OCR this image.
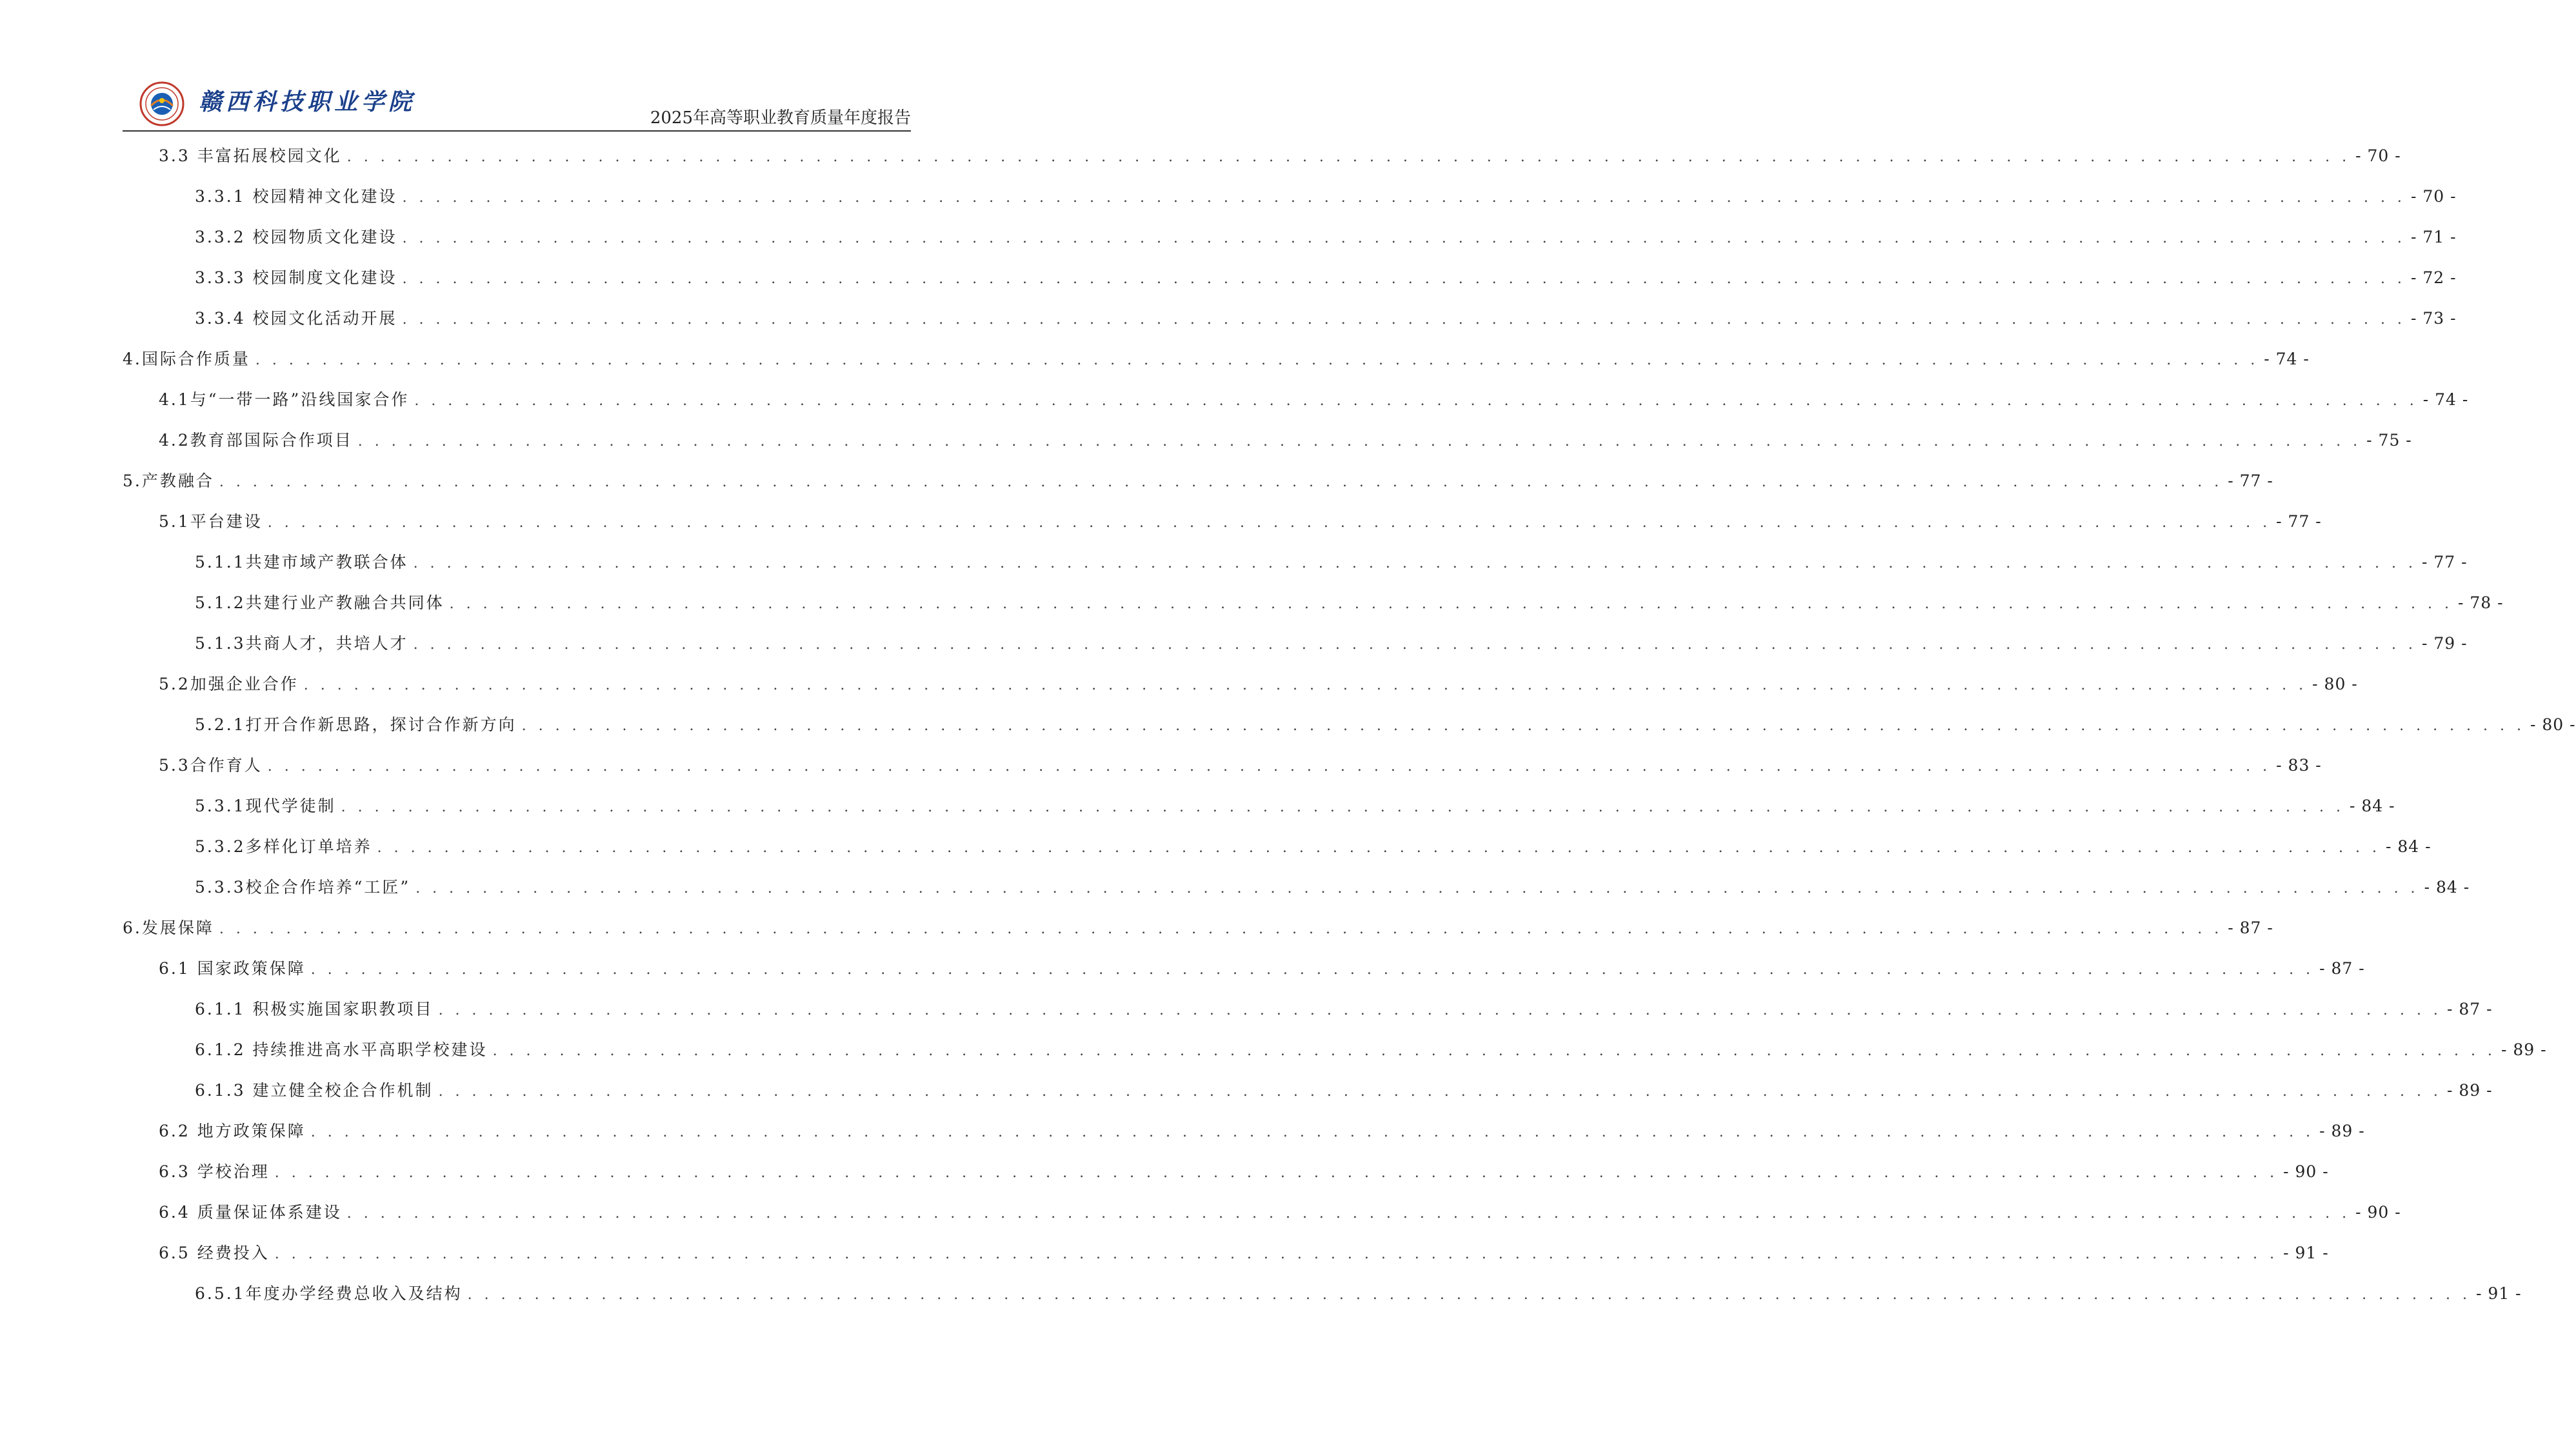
赣西科技职业学院
2025年高等职业教育质量年度报告
3.3 丰富拓展校园文化 . . . . . . . . . . . . . . . . . . . . . . . . . . . . . . . . . . . . . . . . . . . . . . . . . . . . . . . . . . . . . . . . . . . . . . . . . . . . . . . . . . . . . . . . . . . . . . . . . . . . . . . . . . . . . . . . . . . . . . . . - 70 -
3.3.1 校园精神文化建设 . . . . . . . . . . . . . . . . . . . . . . . . . . . . . . . . . . . . . . . . . . . . . . . . . . . . . . . . . . . . . . . . . . . . . . . . . . . . . . . . . . . . . . . . . . . . . . . . . . . . . . . . . . . . . . . . . . . . . . . . - 70 -
3.3.2 校园物质文化建设 . . . . . . . . . . . . . . . . . . . . . . . . . . . . . . . . . . . . . . . . . . . . . . . . . . . . . . . . . . . . . . . . . . . . . . . . . . . . . . . . . . . . . . . . . . . . . . . . . . . . . . . . . . . . . . . . . . . . . . . . - 71 -
3.3.3 校园制度文化建设 . . . . . . . . . . . . . . . . . . . . . . . . . . . . . . . . . . . . . . . . . . . . . . . . . . . . . . . . . . . . . . . . . . . . . . . . . . . . . . . . . . . . . . . . . . . . . . . . . . . . . . . . . . . . . . . . . . . . . . . . - 72 -
3.3.4 校园文化活动开展 . . . . . . . . . . . . . . . . . . . . . . . . . . . . . . . . . . . . . . . . . . . . . . . . . . . . . . . . . . . . . . . . . . . . . . . . . . . . . . . . . . . . . . . . . . . . . . . . . . . . . . . . . . . . . . . . . . . . . . . . - 73 -
4.国际合作质量 . . . . . . . . . . . . . . . . . . . . . . . . . . . . . . . . . . . . . . . . . . . . . . . . . . . . . . . . . . . . . . . . . . . . . . . . . . . . . . . . . . . . . . . . . . . . . . . . . . . . . . . . . . . . . . . . . . . . . . . . - 74 -
4.1与“一带一路”沿线国家合作 . . . . . . . . . . . . . . . . . . . . . . . . . . . . . . . . . . . . . . . . . . . . . . . . . . . . . . . . . . . . . . . . . . . . . . . . . . . . . . . . . . . . . . . . . . . . . . . . . . . . . . . . . . . . . . . . . . . . . . . . - 74 -
4.2教育部国际合作项目 . . . . . . . . . . . . . . . . . . . . . . . . . . . . . . . . . . . . . . . . . . . . . . . . . . . . . . . . . . . . . . . . . . . . . . . . . . . . . . . . . . . . . . . . . . . . . . . . . . . . . . . . . . . . . . . . . . . . . . . . - 75 -
5.产教融合 . . . . . . . . . . . . . . . . . . . . . . . . . . . . . . . . . . . . . . . . . . . . . . . . . . . . . . . . . . . . . . . . . . . . . . . . . . . . . . . . . . . . . . . . . . . . . . . . . . . . . . . . . . . . . . . . . . . . . . . . - 77 -
5.1平台建设 . . . . . . . . . . . . . . . . . . . . . . . . . . . . . . . . . . . . . . . . . . . . . . . . . . . . . . . . . . . . . . . . . . . . . . . . . . . . . . . . . . . . . . . . . . . . . . . . . . . . . . . . . . . . . . . . . . . . . . . . - 77 -
5.1.1共建市域产教联合体 . . . . . . . . . . . . . . . . . . . . . . . . . . . . . . . . . . . . . . . . . . . . . . . . . . . . . . . . . . . . . . . . . . . . . . . . . . . . . . . . . . . . . . . . . . . . . . . . . . . . . . . . . . . . . . . . . . . . . . . . - 77 -
5.1.2共建行业产教融合共同体 . . . . . . . . . . . . . . . . . . . . . . . . . . . . . . . . . . . . . . . . . . . . . . . . . . . . . . . . . . . . . . . . . . . . . . . . . . . . . . . . . . . . . . . . . . . . . . . . . . . . . . . . . . . . . . . . . . . . . . . . - 78 -
5.1.3共商人才，共培人才 . . . . . . . . . . . . . . . . . . . . . . . . . . . . . . . . . . . . . . . . . . . . . . . . . . . . . . . . . . . . . . . . . . . . . . . . . . . . . . . . . . . . . . . . . . . . . . . . . . . . . . . . . . . . . . . . . . . . . . . . - 79 -
5.2加强企业合作 . . . . . . . . . . . . . . . . . . . . . . . . . . . . . . . . . . . . . . . . . . . . . . . . . . . . . . . . . . . . . . . . . . . . . . . . . . . . . . . . . . . . . . . . . . . . . . . . . . . . . . . . . . . . . . . . . . . . . . . . - 80 -
5.2.1打开合作新思路，探讨合作新方向 . . . . . . . . . . . . . . . . . . . . . . . . . . . . . . . . . . . . . . . . . . . . . . . . . . . . . . . . . . . . . . . . . . . . . . . . . . . . . . . . . . . . . . . . . . . . . . . . . . . . . . . . . . . . . . . . . . . . . . . . - 80 -
5.3合作育人 . . . . . . . . . . . . . . . . . . . . . . . . . . . . . . . . . . . . . . . . . . . . . . . . . . . . . . . . . . . . . . . . . . . . . . . . . . . . . . . . . . . . . . . . . . . . . . . . . . . . . . . . . . . . . . . . . . . . . . . . - 83 -
5.3.1现代学徒制 . . . . . . . . . . . . . . . . . . . . . . . . . . . . . . . . . . . . . . . . . . . . . . . . . . . . . . . . . . . . . . . . . . . . . . . . . . . . . . . . . . . . . . . . . . . . . . . . . . . . . . . . . . . . . . . . . . . . . . . . - 84 -
5.3.2多样化订单培养 . . . . . . . . . . . . . . . . . . . . . . . . . . . . . . . . . . . . . . . . . . . . . . . . . . . . . . . . . . . . . . . . . . . . . . . . . . . . . . . . . . . . . . . . . . . . . . . . . . . . . . . . . . . . . . . . . . . . . . . . - 84 -
5.3.3校企合作培养“工匠” . . . . . . . . . . . . . . . . . . . . . . . . . . . . . . . . . . . . . . . . . . . . . . . . . . . . . . . . . . . . . . . . . . . . . . . . . . . . . . . . . . . . . . . . . . . . . . . . . . . . . . . . . . . . . . . . . . . . . . . . - 84 -
6.发展保障 . . . . . . . . . . . . . . . . . . . . . . . . . . . . . . . . . . . . . . . . . . . . . . . . . . . . . . . . . . . . . . . . . . . . . . . . . . . . . . . . . . . . . . . . . . . . . . . . . . . . . . . . . . . . . . . . . . . . . . . . - 87 -
6.1 国家政策保障 . . . . . . . . . . . . . . . . . . . . . . . . . . . . . . . . . . . . . . . . . . . . . . . . . . . . . . . . . . . . . . . . . . . . . . . . . . . . . . . . . . . . . . . . . . . . . . . . . . . . . . . . . . . . . . . . . . . . . . . . - 87 -
6.1.1 积极实施国家职教项目 . . . . . . . . . . . . . . . . . . . . . . . . . . . . . . . . . . . . . . . . . . . . . . . . . . . . . . . . . . . . . . . . . . . . . . . . . . . . . . . . . . . . . . . . . . . . . . . . . . . . . . . . . . . . . . . . . . . . . . . . - 87 -
6.1.2 持续推进高水平高职学校建设 . . . . . . . . . . . . . . . . . . . . . . . . . . . . . . . . . . . . . . . . . . . . . . . . . . . . . . . . . . . . . . . . . . . . . . . . . . . . . . . . . . . . . . . . . . . . . . . . . . . . . . . . . . . . . . . . . . . . . . . . - 89 -
6.1.3 建立健全校企合作机制 . . . . . . . . . . . . . . . . . . . . . . . . . . . . . . . . . . . . . . . . . . . . . . . . . . . . . . . . . . . . . . . . . . . . . . . . . . . . . . . . . . . . . . . . . . . . . . . . . . . . . . . . . . . . . . . . . . . . . . . . - 89 -
6.2 地方政策保障 . . . . . . . . . . . . . . . . . . . . . . . . . . . . . . . . . . . . . . . . . . . . . . . . . . . . . . . . . . . . . . . . . . . . . . . . . . . . . . . . . . . . . . . . . . . . . . . . . . . . . . . . . . . . . . . . . . . . . . . . - 89 -
6.3 学校治理 . . . . . . . . . . . . . . . . . . . . . . . . . . . . . . . . . . . . . . . . . . . . . . . . . . . . . . . . . . . . . . . . . . . . . . . . . . . . . . . . . . . . . . . . . . . . . . . . . . . . . . . . . . . . . . . . . . . . . . . . - 90 -
6.4 质量保证体系建设 . . . . . . . . . . . . . . . . . . . . . . . . . . . . . . . . . . . . . . . . . . . . . . . . . . . . . . . . . . . . . . . . . . . . . . . . . . . . . . . . . . . . . . . . . . . . . . . . . . . . . . . . . . . . . . . . . . . . . . . . - 90 -
6.5 经费投入 . . . . . . . . . . . . . . . . . . . . . . . . . . . . . . . . . . . . . . . . . . . . . . . . . . . . . . . . . . . . . . . . . . . . . . . . . . . . . . . . . . . . . . . . . . . . . . . . . . . . . . . . . . . . . . . . . . . . . . . . - 91 -
6.5.1年度办学经费总收入及结构 . . . . . . . . . . . . . . . . . . . . . . . . . . . . . . . . . . . . . . . . . . . . . . . . . . . . . . . . . . . . . . . . . . . . . . . . . . . . . . . . . . . . . . . . . . . . . . . . . . . . . . . . . . . . . . . . . . . . . . . . - 91 -
